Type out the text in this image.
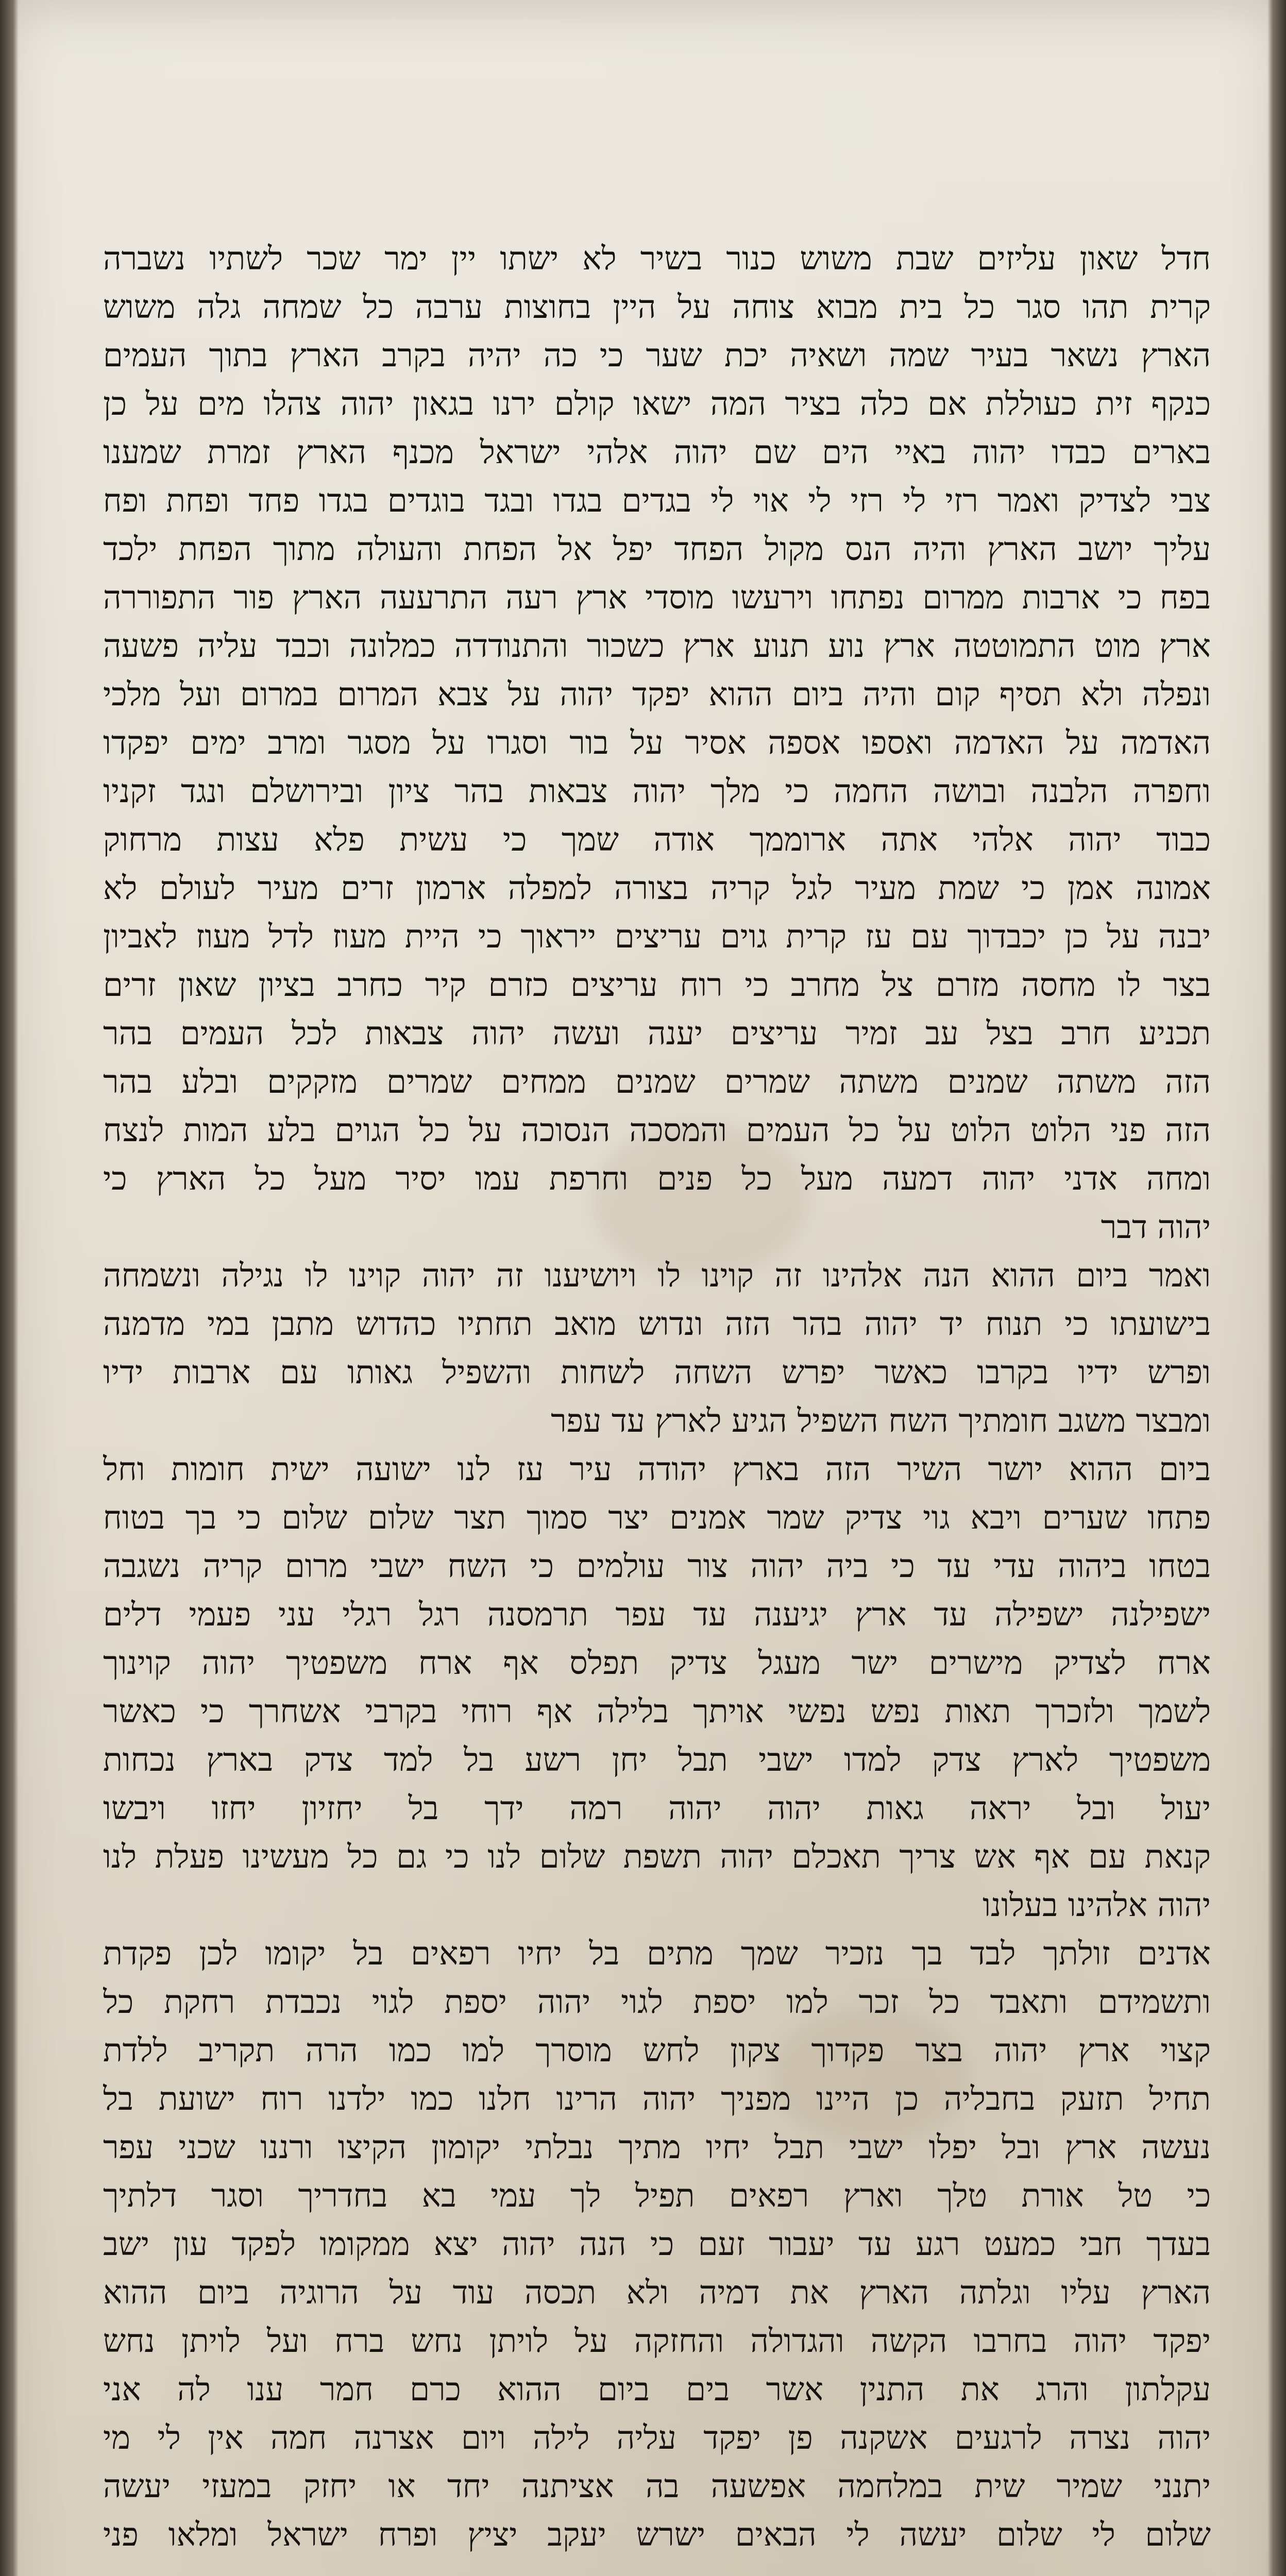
חדל שאון עליזים שבת משוש כנור בשיר לא ישתו יין ימר שכר לשתיו נשברה
קרית תהו סגר כל בית מבוא צוחה על היין בחוצות ערבה כל שמחה גלה משוש
הארץ נשאר בעיר שמה ושאיה יכת שער כי כה יהיה בקרב הארץ בתוך העמים
כנקף זית כעוללת אם כלה בציר המה ישאו קולם ירנו בגאון יהוה צהלו מים על כן
בארים כבדו יהוה באיי הים שם יהוה אלהי ישראל מכנף הארץ זמרת שמענו
צבי לצדיק ואמר רזי לי רזי לי אוי לי בגדים בגדו ובגד בוגדים בגדו פחד ופחת ופח
עליך יושב הארץ והיה הנס מקול הפחד יפל אל הפחת והעולה מתוך הפחת ילכד
בפח כי ארבות ממרום נפתחו וירעשו מוסדי ארץ רעה התרעעה הארץ פור התפוררה
ארץ מוט התמוטטה ארץ נוע תנוע ארץ כשכור והתנודדה כמלונה וכבד עליה פשעה
ונפלה ולא תסיף קום והיה ביום ההוא יפקד יהוה על צבא המרום במרום ועל מלכי
האדמה על האדמה ואספו אספה אסיר על בור וסגרו על מסגר ומרב ימים יפקדו
וחפרה הלבנה ובושה החמה כי מלך יהוה צבאות בהר ציון ובירושלם ונגד זקניו
כבוד יהוה אלהי אתה ארוממך אודה שמך כי עשית פלא עצות מרחוק
אמונה אמן כי שמת מעיר לגל קריה בצורה למפלה ארמון זרים מעיר לעולם לא
יבנה על כן יכבדוך עם עז קרית גוים עריצים ייראוך כי היית מעוז לדל מעוז לאביון
בצר לו מחסה מזרם צל מחרב כי רוח עריצים כזרם קיר כחרב בציון שאון זרים
תכניע חרב בצל עב זמיר עריצים יענה ועשה יהוה צבאות לכל העמים בהר
הזה משתה שמנים משתה שמרים שמנים ממחים שמרים מזקקים ובלע בהר
הזה פני הלוט הלוט על כל העמים והמסכה הנסוכה על כל הגוים בלע המות לנצח
ומחה אדני יהוה דמעה מעל כל פנים וחרפת עמו יסיר מעל כל הארץ כי
יהוה דבר
ואמר ביום ההוא הנה אלהינו זה קוינו לו ויושיענו זה יהוה קוינו לו נגילה ונשמחה
בישועתו כי תנוח יד יהוה בהר הזה ונדוש מואב תחתיו כהדוש מתבן במי מדמנה
ופרש ידיו בקרבו כאשר יפרש השחה לשחות והשפיל גאותו עם ארבות ידיו
ומבצר משגב חומתיך השח השפיל הגיע לארץ עד עפר
ביום ההוא יושר השיר הזה בארץ יהודה עיר עז לנו ישועה ישית חומות וחל
פתחו שערים ויבא גוי צדיק שמר אמנים יצר סמוך תצר שלום שלום כי בך בטוח
בטחו ביהוה עדי עד כי ביה יהוה צור עולמים כי השח ישבי מרום קריה נשגבה
ישפילנה ישפילה עד ארץ יגיענה עד עפר תרמסנה רגל רגלי עני פעמי דלים
ארח לצדיק מישרים ישר מעגל צדיק תפלס אף ארח משפטיך יהוה קוינוך
לשמך ולזכרך תאות נפש נפשי אויתך בלילה אף רוחי בקרבי אשחרך כי כאשר
משפטיך לארץ צדק למדו ישבי תבל יחן רשע בל למד צדק בארץ נכחות
יעול ובל יראה גאות יהוה יהוה רמה ידך בל יחזיון יחזו ויבשו
קנאת עם אף אש צריך תאכלם יהוה תשפת שלום לנו כי גם כל מעשינו פעלת לנו
יהוה אלהינו בעלונו
אדנים זולתך לבד בך נזכיר שמך מתים בל יחיו רפאים בל יקומו לכן פקדת
ותשמידם ותאבד כל זכר למו יספת לגוי יהוה יספת לגוי נכבדת רחקת כל
קצוי ארץ יהוה בצר פקדוך צקון לחש מוסרך למו כמו הרה תקריב ללדת
תחיל תזעק בחבליה כן היינו מפניך יהוה הרינו חלנו כמו ילדנו רוח ישועת בל
נעשה ארץ ובל יפלו ישבי תבל יחיו מתיך נבלתי יקומון הקיצו ורננו שכני עפר
כי טל אורת טלך וארץ רפאים תפיל לך עמי בא בחדריך וסגר דלתיך
בעדך חבי כמעט רגע עד יעבור זעם כי הנה יהוה יצא ממקומו לפקד עון ישב
הארץ עליו וגלתה הארץ את דמיה ולא תכסה עוד על הרוגיה ביום ההוא
יפקד יהוה בחרבו הקשה והגדולה והחזקה על לויתן נחש ברח ועל לויתן נחש
עקלתון והרג את התנין אשר בים ביום ההוא כרם חמר ענו לה אני
יהוה נצרה לרגעים אשקנה פן יפקד עליה לילה ויום אצרנה חמה אין לי מי
יתנני שמיר שית במלחמה אפשעה בה אציתנה יחד או יחזק במעזי יעשה
שלום לי שלום יעשה לי הבאים ישרש יעקב יציץ ופרח ישראל ומלאו פני
